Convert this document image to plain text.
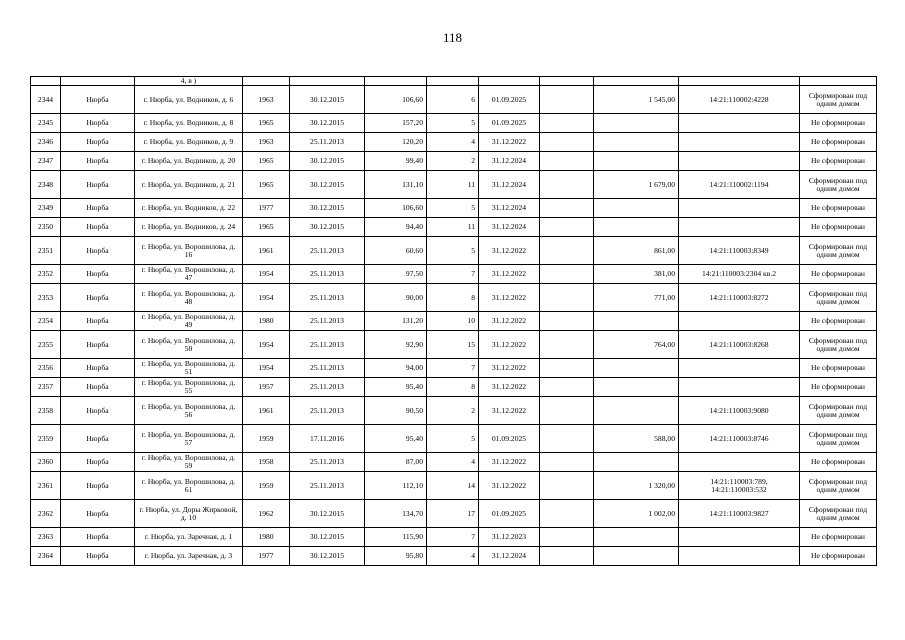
118
		4, в )									
2344	Нюрба	г. Нюрба, ул. Водников, д. 6	1963	30.12.2015	106,60	6	01.09.2025		1 545,00	14:21:110002:4228	Сформирован под одним домом
2345	Нюрба	г. Нюрба, ул. Водников, д. 8	1965	30.12.2015	157,20	5	01.09.2025				Не сформирован
2346	Нюрба	г. Нюрба, ул. Водников, д. 9	1963	25.11.2013	120,20	4	31.12.2022				Не сформирован
2347	Нюрба	г. Нюрба, ул. Водников, д. 20	1965	30.12.2015	99,40	2	31.12.2024				Не сформирован
2348	Нюрба	г. Нюрба, ул. Водников, д. 21	1965	30.12.2015	131,10	11	31.12.2024		1 679,00	14:21:110002:1194	Сформирован под одним домом
2349	Нюрба	г. Нюрба, ул. Водников, д. 22	1977	30.12.2015	106,60	5	31.12.2024				Не сформирован
2350	Нюрба	г. Нюрба, ул. Водников, д. 24	1965	30.12.2015	94,40	11	31.12.2024				Не сформирован
2351	Нюрба	г. Нюрба, ул. Ворошилова, д. 16	1961	25.11.2013	60,60	5	31.12.2022		861,00	14:21:110003:8349	Сформирован под одним домом
2352	Нюрба	г. Нюрба, ул. Ворошилова, д. 47	1954	25.11.2013	97,50	7	31.12.2022		381,00	14:21:110003:2304 кв.2	Не сформирован
2353	Нюрба	г. Нюрба, ул. Ворошилова, д. 48	1954	25.11.2013	90,00	8	31.12.2022		771,00	14:21:110003:8272	Сформирован под одним домом
2354	Нюрба	г. Нюрба, ул. Ворошилова, д. 49	1980	25.11.2013	131,20	10	31.12.2022				Не сформирован
2355	Нюрба	г. Нюрба, ул. Ворошилова, д. 50	1954	25.11.2013	92,90	15	31.12.2022		764,00	14:21:110003:8268	Сформирован под одним домом
2356	Нюрба	г. Нюрба, ул. Ворошилова, д. 51	1954	25.11.2013	94,00	7	31.12.2022				Не сформирован
2357	Нюрба	г. Нюрба, ул. Ворошилова, д. 55	1957	25.11.2013	95,40	8	31.12.2022				Не сформирован
2358	Нюрба	г. Нюрба, ул. Ворошилова, д. 56	1961	25.11.2013	90,50	2	31.12.2022			14:21:110003:9080	Сформирован под одним домом
2359	Нюрба	г. Нюрба, ул. Ворошилова, д. 57	1959	17.11.2016	95,40	5	01.09.2025		588,00	14:21:110003:8746	Сформирован под одним домом
2360	Нюрба	г. Нюрба, ул. Ворошилова, д. 59	1958	25.11.2013	87,00	4	31.12.2022				Не сформирован
2361	Нюрба	г. Нюрба, ул. Ворошилова, д. 61	1959	25.11.2013	112,10	14	31.12.2022		1 320,00	14:21:110003:789, 14:21:110003:532	Сформирован под одним домом
2362	Нюрба	г. Нюрба, ул. Доры Жирковой, д. 10	1962	30.12.2015	134,70	17	01.09.2025		1 002,00	14:21:110003:9827	Сформирован под одним домом
2363	Нюрба	г. Нюрба, ул. Заречная, д. 1	1980	30.12.2015	115,90	7	31.12.2023				Не сформирован
2364	Нюрба	г. Нюрба, ул. Заречная, д. 3	1977	30.12.2015	95,80	4	31.12.2024				Не сформирован
